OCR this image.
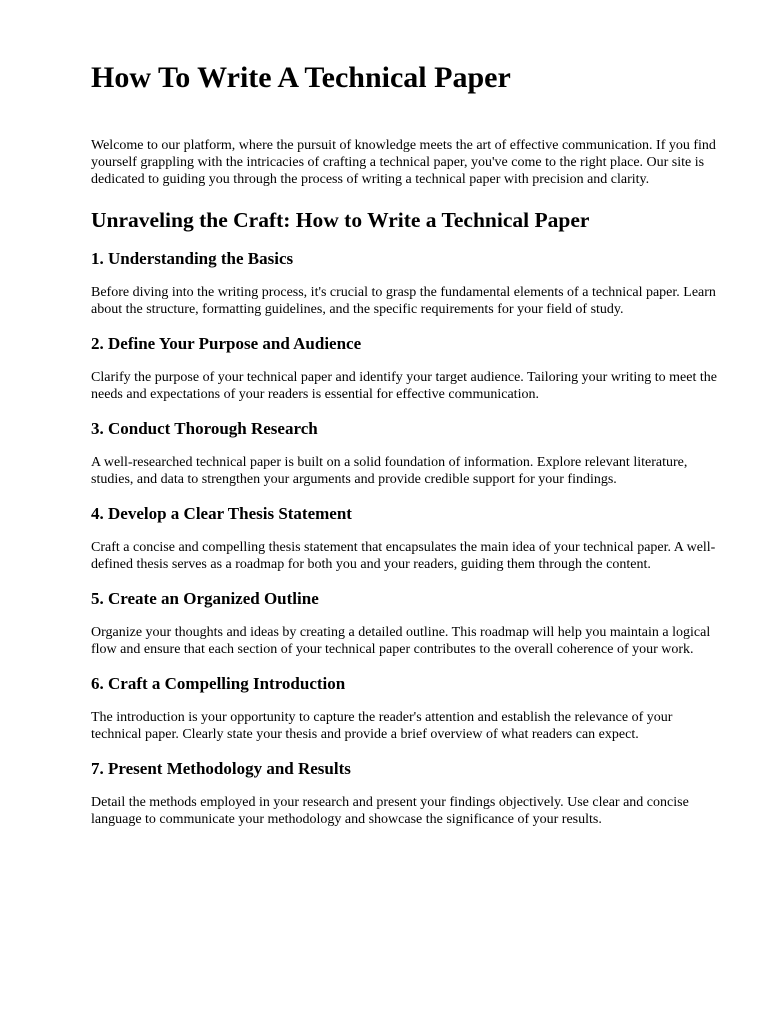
How To Write A Technical Paper

Welcome to our platform, where the pursuit of knowledge meets the art of effective communication. If you find yourself grappling with the intricacies of crafting a technical paper, you've come to the right place. Our site is dedicated to guiding you through the process of writing a technical paper with precision and clarity.

Unraveling the Craft: How to Write a Technical Paper
1. Understanding the Basics

Before diving into the writing process, it's crucial to grasp the fundamental elements of a technical paper. Learn about the structure, formatting guidelines, and the specific requirements for your field of study.

2. Define Your Purpose and Audience

Clarify the purpose of your technical paper and identify your target audience. Tailoring your writing to meet the needs and expectations of your readers is essential for effective communication.

3. Conduct Thorough Research

A well-researched technical paper is built on a solid foundation of information. Explore relevant literature, studies, and data to strengthen your arguments and provide credible support for your findings.

4. Develop a Clear Thesis Statement

Craft a concise and compelling thesis statement that encapsulates the main idea of your technical paper. A well-defined thesis serves as a roadmap for both you and your readers, guiding them through the content.

5. Create an Organized Outline

Organize your thoughts and ideas by creating a detailed outline. This roadmap will help you maintain a logical flow and ensure that each section of your technical paper contributes to the overall coherence of your work.

6. Craft a Compelling Introduction

The introduction is your opportunity to capture the reader's attention and establish the relevance of your technical paper. Clearly state your thesis and provide a brief overview of what readers can expect.

7. Present Methodology and Results

Detail the methods employed in your research and present your findings objectively. Use clear and concise language to communicate your methodology and showcase the significance of your results.
